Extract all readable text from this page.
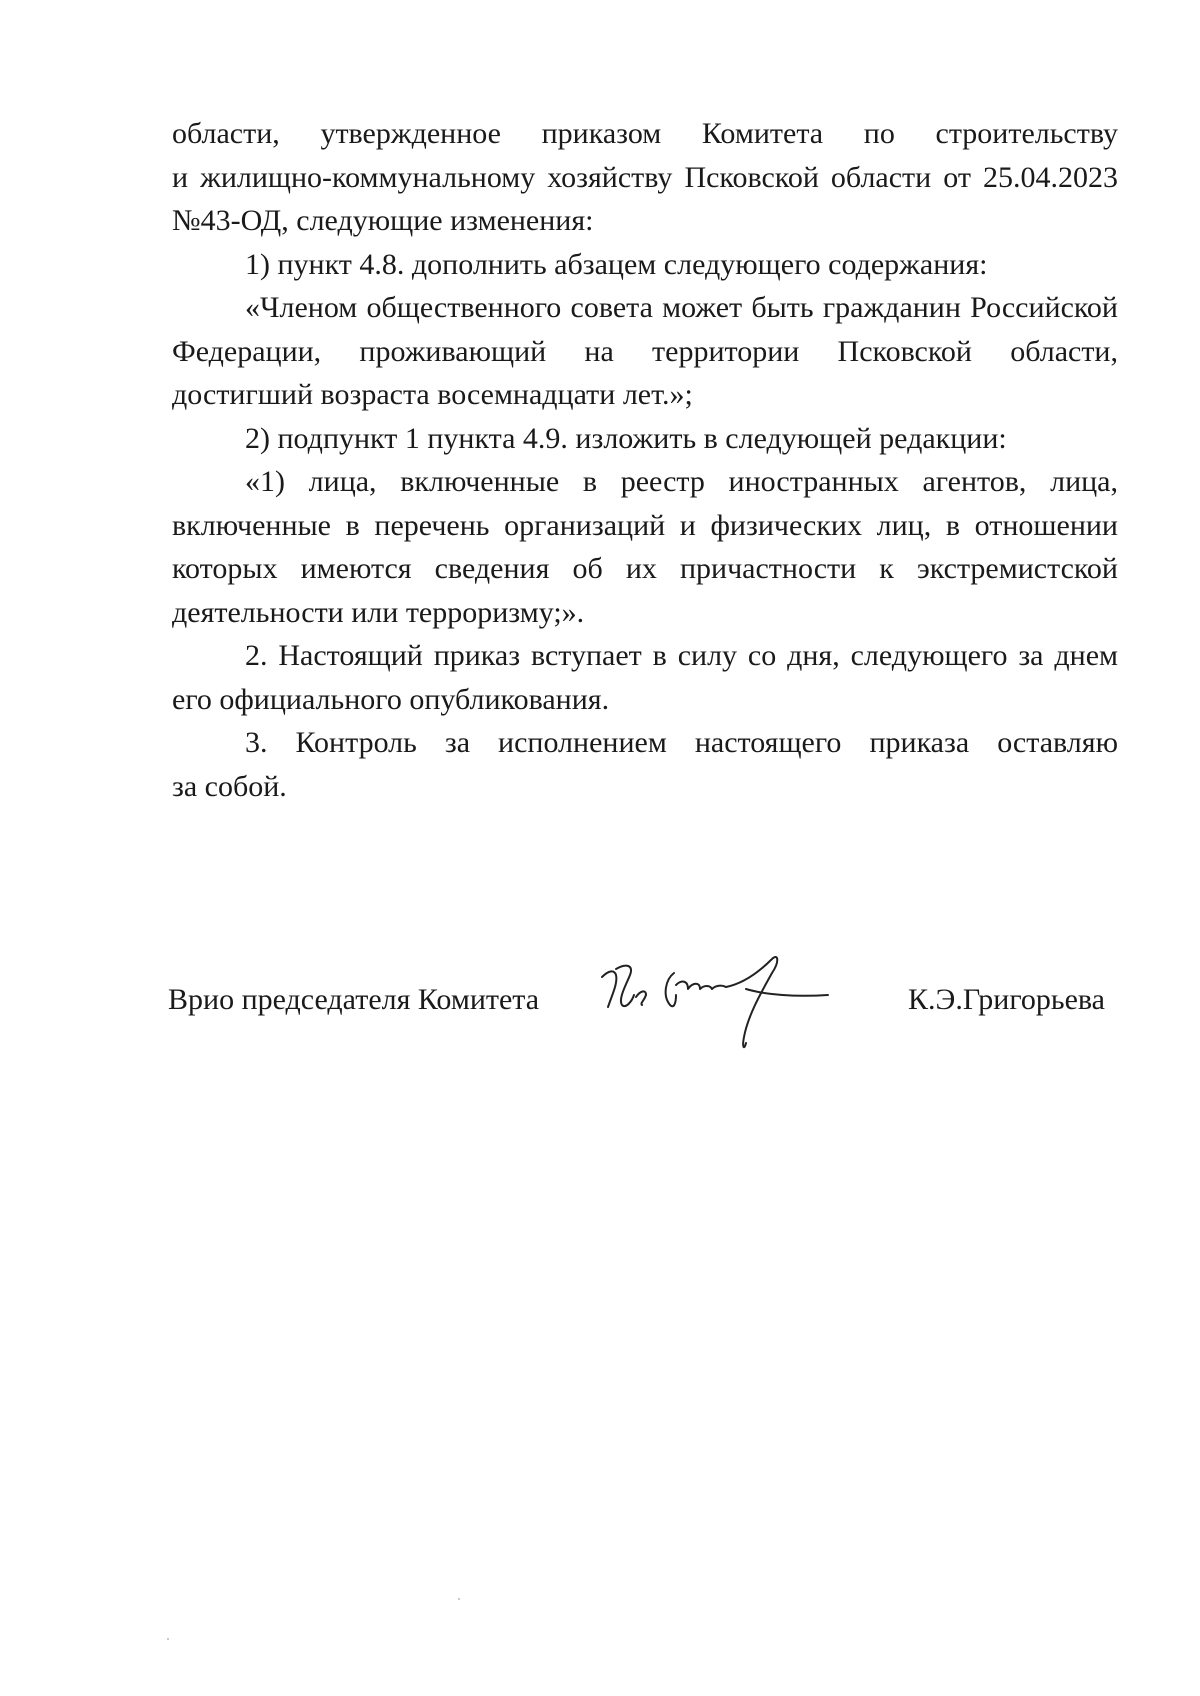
области, утвержденное приказом Комитета по строительству
и жилищно-коммунальному хозяйству Псковской области от 25.04.2023
№43-ОД, следующие изменения:
1) пункт 4.8. дополнить абзацем следующего содержания:
«Членом общественного совета может быть гражданин Российской
Федерации, проживающий на территории Псковской области,
достигший возраста восемнадцати лет.»;
2) подпункт 1 пункта 4.9. изложить в следующей редакции:
«1) лица, включенные в реестр иностранных агентов, лица,
включенные в перечень организаций и физических лиц, в отношении
которых имеются сведения об их причастности к экстремистской
деятельности или терроризму;».
2. Настоящий приказ вступает в силу со дня, следующего за днем
его официального опубликования.
3. Контроль за исполнением настоящего приказа оставляю
за собой.
Врио председателя Комитета	К.Э.Григорьева
